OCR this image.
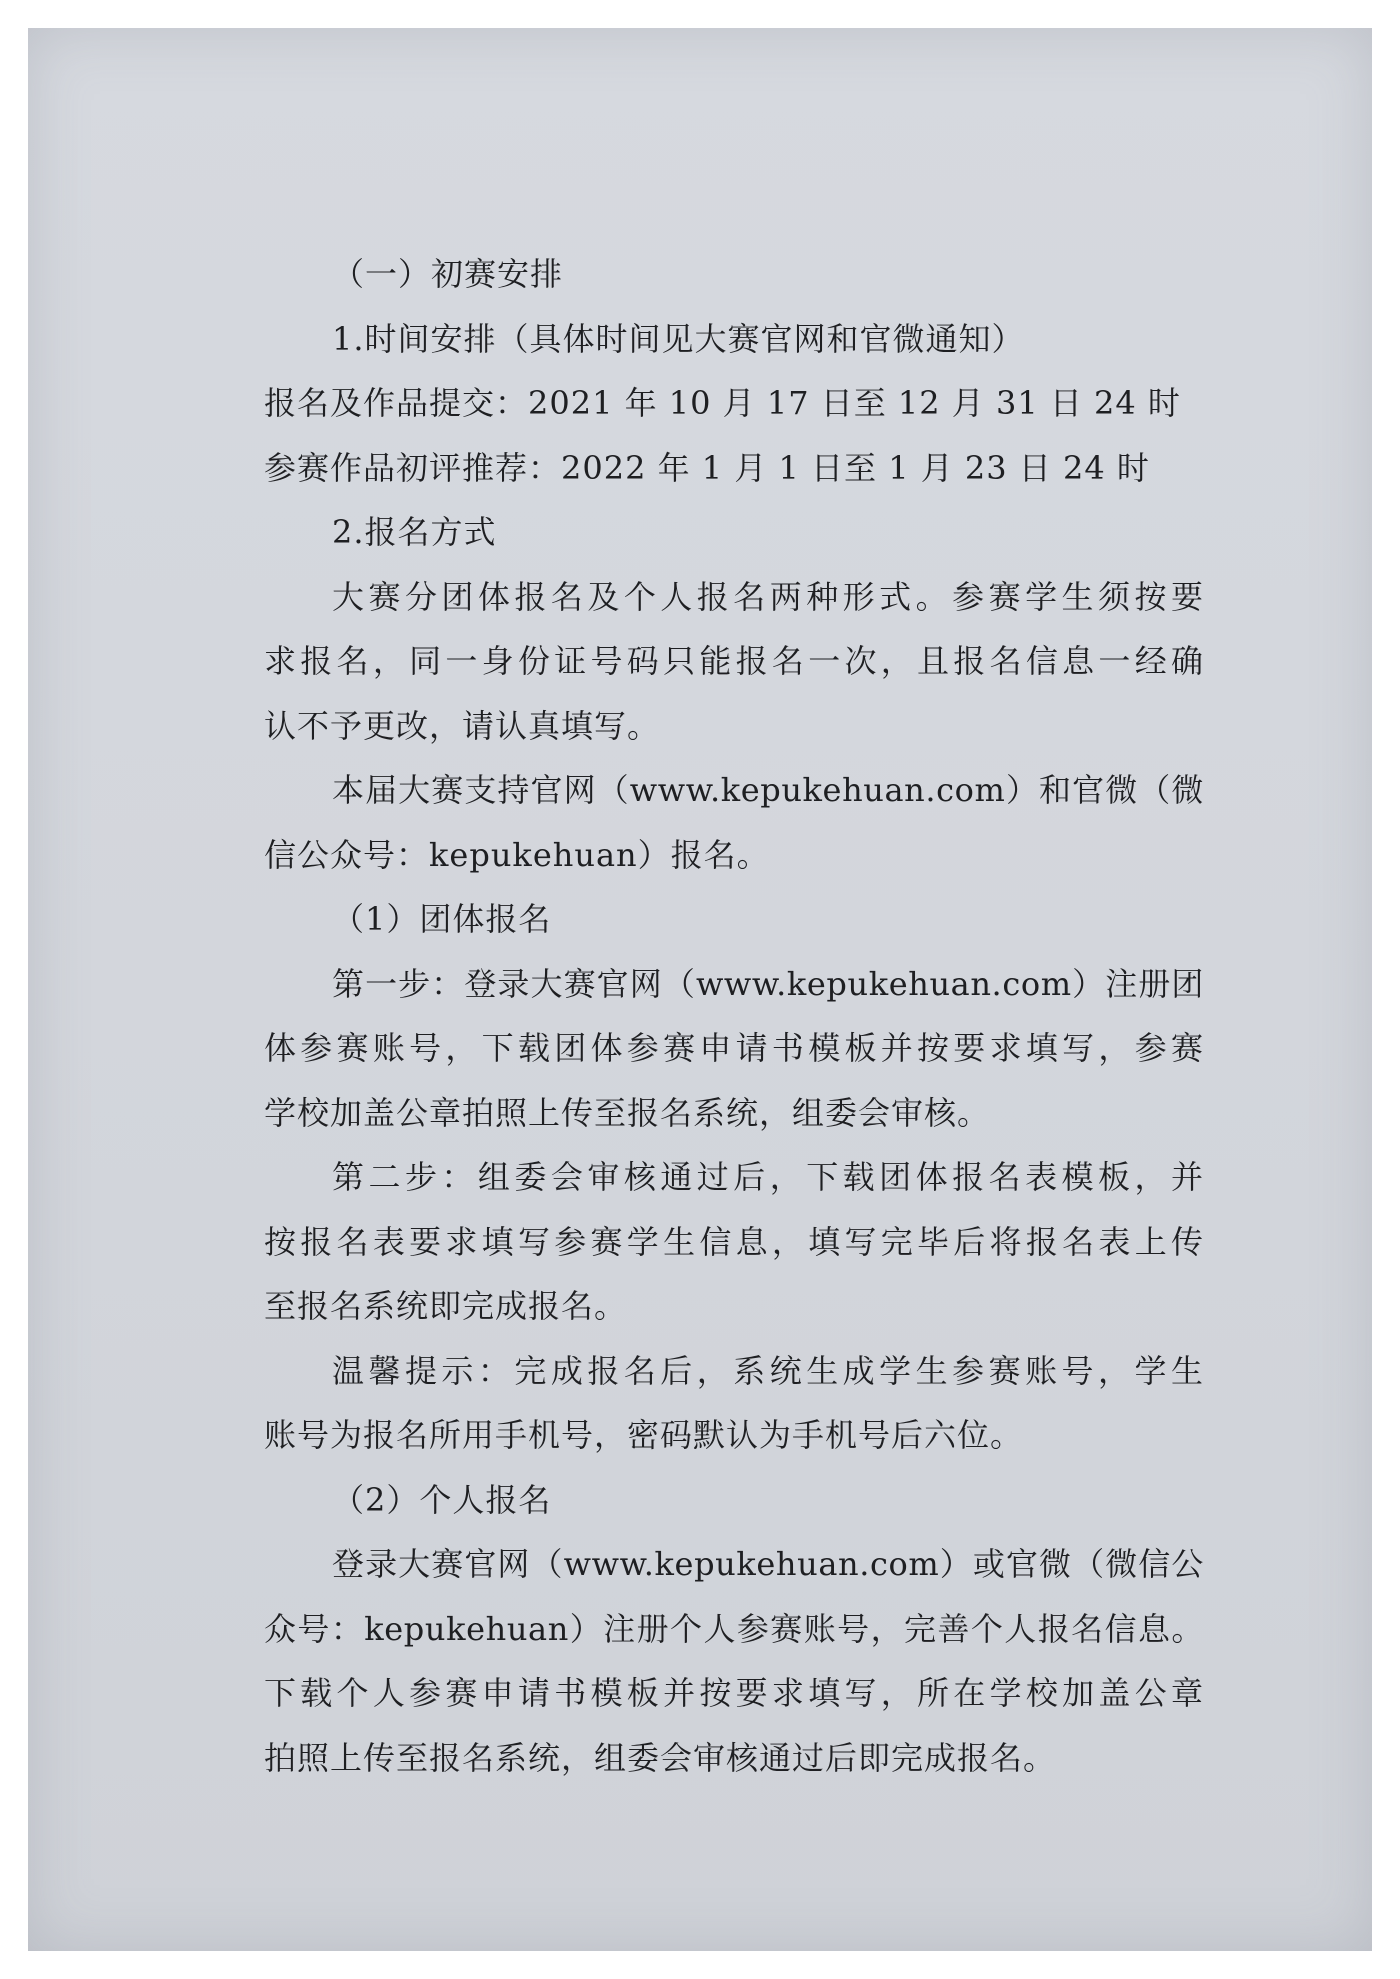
（一）初赛安排
1.时间安排（具体时间见大赛官网和官微通知）
报名及作品提交：2021 年 10 月 17 日至 12 月 31 日 24 时
参赛作品初评推荐：2022 年 1 月 1 日至 1 月 23 日 24 时
2.报名方式
大赛分团体报名及个人报名两种形式。参赛学生须按要
求报名，同一身份证号码只能报名一次，且报名信息一经确
认不予更改，请认真填写。
本届大赛支持官网（www.kepukehuan.com）和官微（微
信公众号：kepukehuan）报名。
（1）团体报名
第一步：登录大赛官网（www.kepukehuan.com）注册团
体参赛账号，下载团体参赛申请书模板并按要求填写，参赛
学校加盖公章拍照上传至报名系统，组委会审核。
第二步：组委会审核通过后，下载团体报名表模板，并
按报名表要求填写参赛学生信息，填写完毕后将报名表上传
至报名系统即完成报名。
温馨提示：完成报名后，系统生成学生参赛账号，学生
账号为报名所用手机号，密码默认为手机号后六位。
（2）个人报名
登录大赛官网（www.kepukehuan.com）或官微（微信公
众号：kepukehuan）注册个人参赛账号，完善个人报名信息。
下载个人参赛申请书模板并按要求填写，所在学校加盖公章
拍照上传至报名系统，组委会审核通过后即完成报名。
